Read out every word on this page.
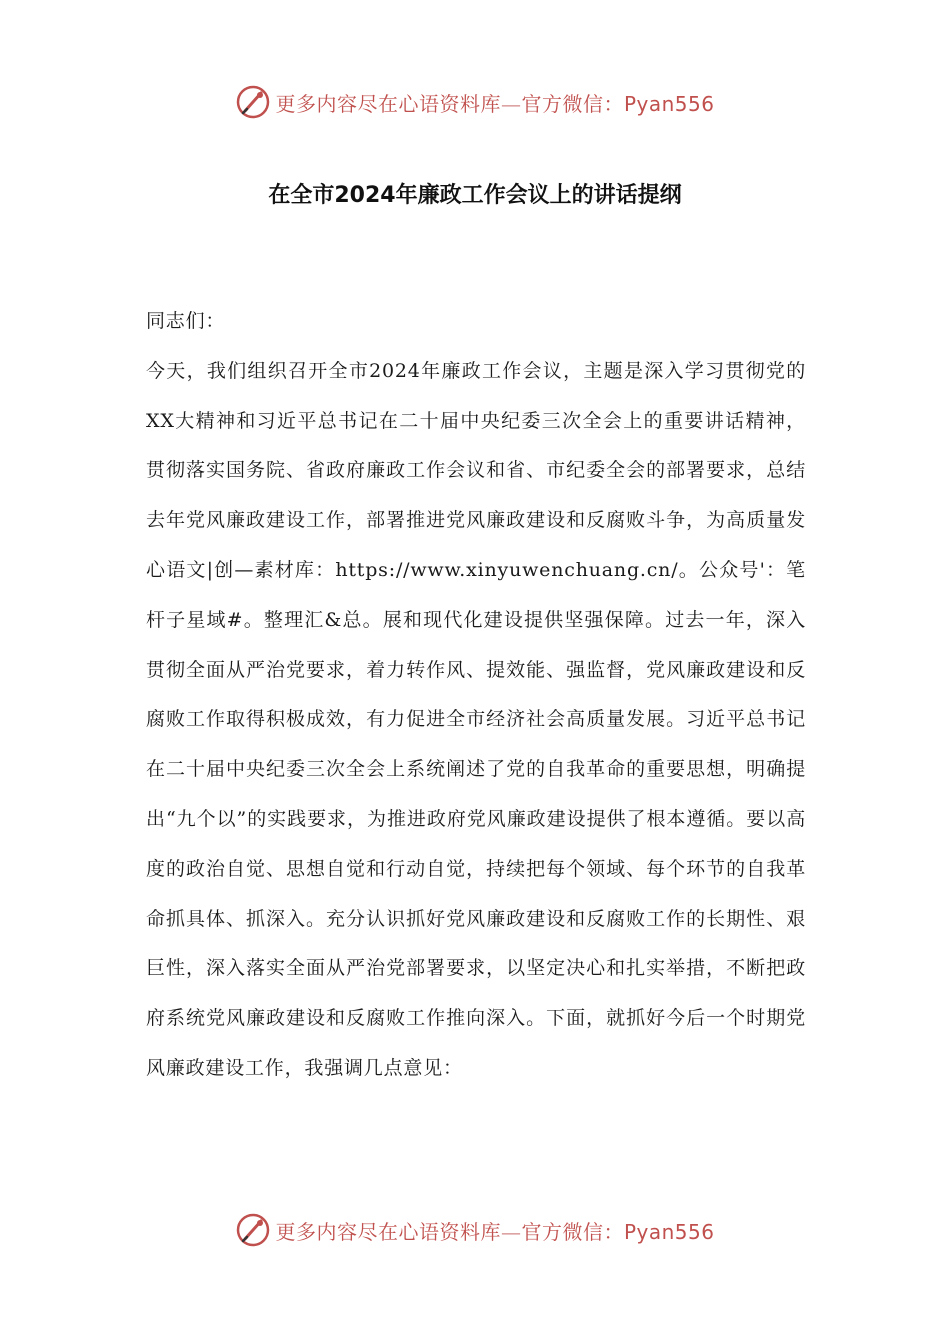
更多内容尽在心语资料库—官方微信：Pyan556
在全市2024年廉政工作会议上的讲话提纲

同志们：

今天，我们组织召开全市2024年廉政工作会议，主题是深入学习贯彻党的XX大精神和习近平总书记在二十届中央纪委三次全会上的重要讲话精神，贯彻落实国务院、省政府廉政工作会议和省、市纪委全会的部署要求，总结去年党风廉政建设工作，部署推进党风廉政建设和反腐败斗争，为高质量发心语文|创—素材库：https://www.xinyuwenchuang.cn/。公众号'：笔杆子星域#。整理汇&总。展和现代化建设提供坚强保障。过去一年，深入贯彻全面从严治党要求，着力转作风、提效能、强监督，党风廉政建设和反腐败工作取得积极成效，有力促进全市经济社会高质量发展。习近平总书记在二十届中央纪委三次全会上系统阐述了党的自我革命的重要思想，明确提出“九个以”的实践要求，为推进政府党风廉政建设提供了根本遵循。要以高度的政治自觉、思想自觉和行动自觉，持续把每个领域、每个环节的自我革命抓具体、抓深入。充分认识抓好党风廉政建设和反腐败工作的长期性、艰巨性，深入落实全面从严治党部署要求，以坚定决心和扎实举措，不断把政府系统党风廉政建设和反腐败工作推向深入。下面，就抓好今后一个时期党风廉政建设工作，我强调几点意见：

更多内容尽在心语资料库—官方微信：Pyan556
